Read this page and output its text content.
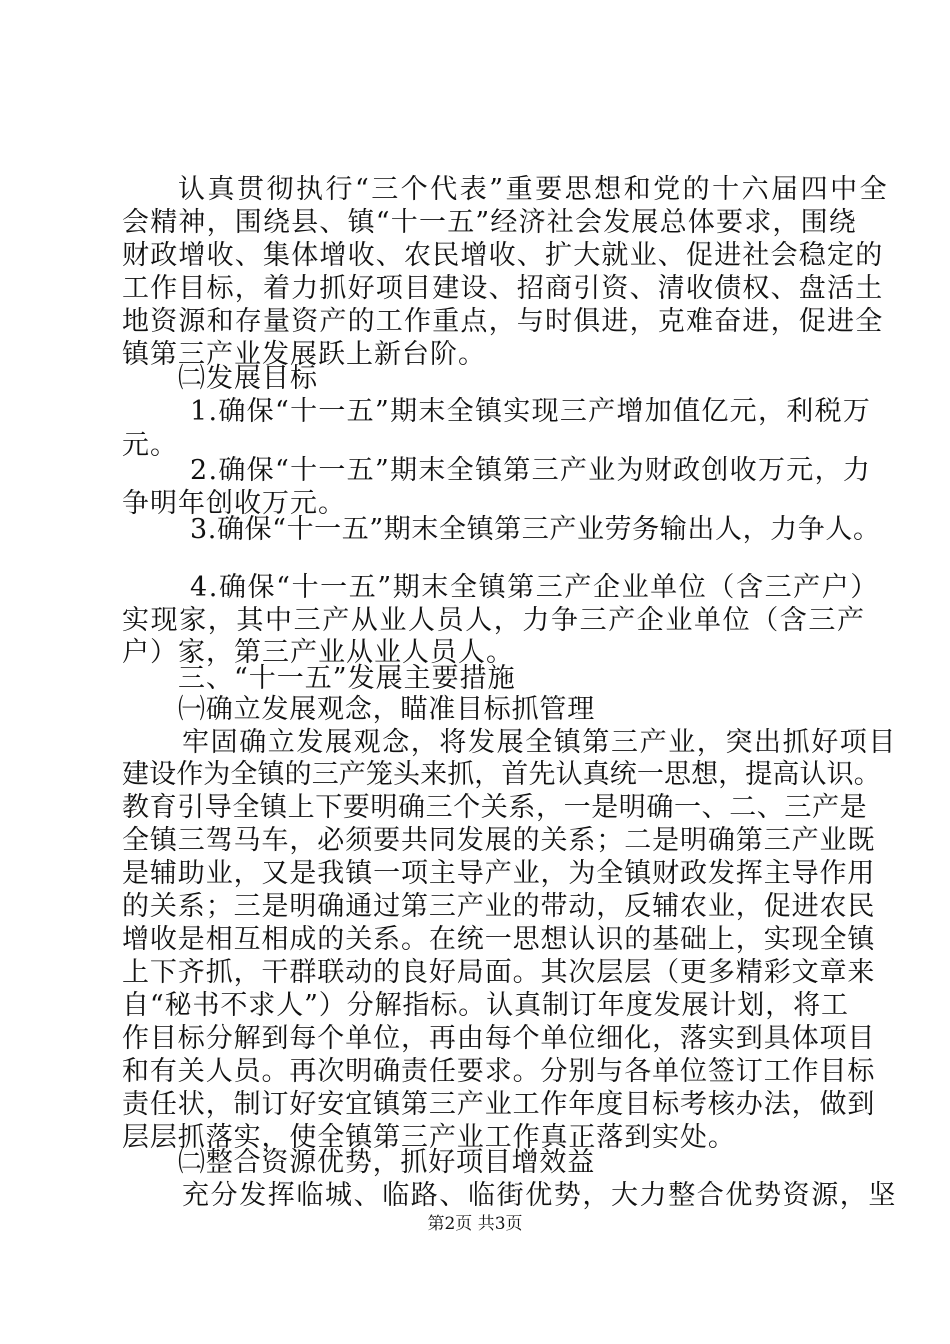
认真贯彻执行“三个代表”重要思想和党的十六届四中全
会精神，围绕县、镇“十一五”经济社会发展总体要求，围绕
财政增收、集体增收、农民增收、扩大就业、促进社会稳定的
工作目标，着力抓好项目建设、招商引资、清收债权、盘活土
地资源和存量资产的工作重点，与时俱进，克难奋进，促进全
镇第三产业发展跃上新台阶。
㈡发展目标
1.确保“十一五”期末全镇实现三产增加值亿元，利税万
元。
2.确保“十一五”期末全镇第三产业为财政创收万元，力
争明年创收万元。
3.确保“十一五”期末全镇第三产业劳务输出人，力争人。
4.确保“十一五”期末全镇第三产企业单位（含三产户）
实现家，其中三产从业人员人，力争三产企业单位（含三产
户）家，第三产业从业人员人。
三、“十一五”发展主要措施
㈠确立发展观念，瞄准目标抓管理
牢固确立发展观念，将发展全镇第三产业，突出抓好项目
建设作为全镇的三产笼头来抓，首先认真统一思想，提高认识。
教育引导全镇上下要明确三个关系，一是明确一、二、三产是
全镇三驾马车，必须要共同发展的关系；二是明确第三产业既
是辅助业，又是我镇一项主导产业，为全镇财政发挥主导作用
的关系；三是明确通过第三产业的带动，反辅农业，促进农民
增收是相互相成的关系。在统一思想认识的基础上，实现全镇
上下齐抓，干群联动的良好局面。其次层层（更多精彩文章来
自“秘书不求人”）分解指标。认真制订年度发展计划，将工
作目标分解到每个单位，再由每个单位细化，落实到具体项目
和有关人员。再次明确责任要求。分别与各单位签订工作目标
责任状，制订好安宜镇第三产业工作年度目标考核办法，做到
层层抓落实，使全镇第三产业工作真正落到实处。
㈡整合资源优势，抓好项目增效益
充分发挥临城、临路、临街优势，大力整合优势资源，坚
第2页 共3页
